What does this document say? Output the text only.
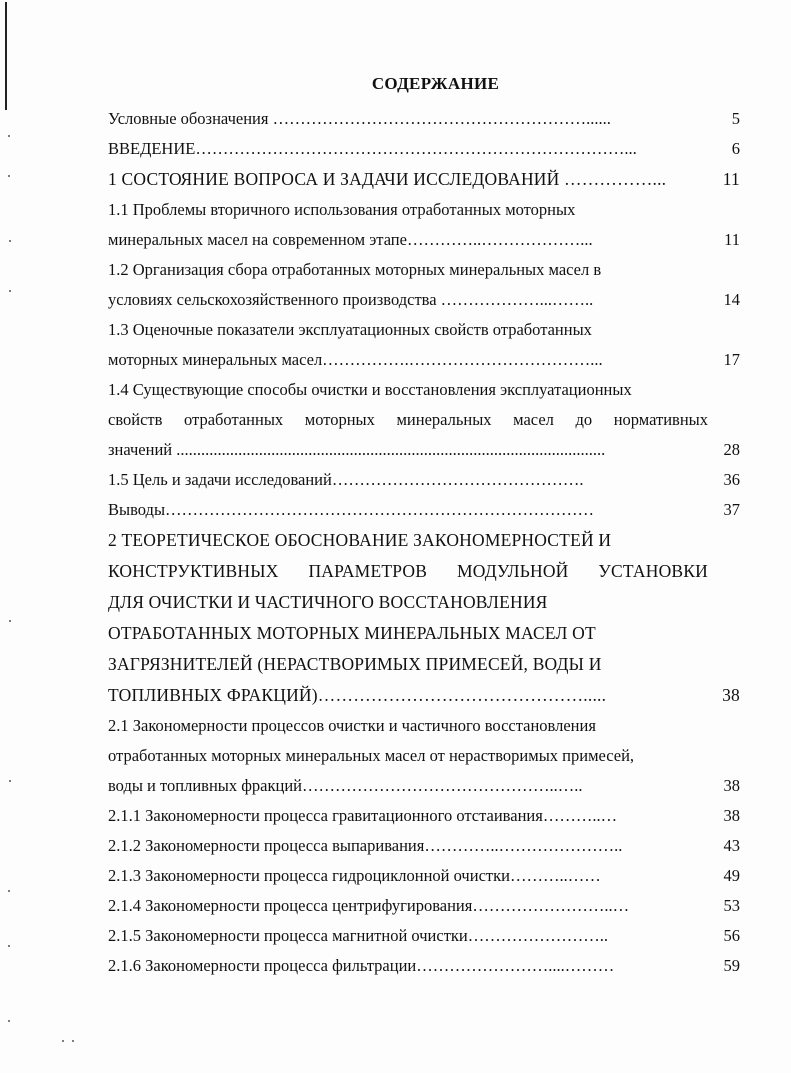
СОДЕРЖАНИЕ
Условные обозначения …………………………………………………......	5
ВВЕДЕНИЕ……………………………………………………………………...	6
1 СОСТОЯНИЕ ВОПРОСА И ЗАДАЧИ ИССЛЕДОВАНИЙ ……………...	11
1.1 Проблемы вторичного использования отработанных моторных
минеральных масел на современном этапе…………..………………...	11
1.2 Организация сбора отработанных моторных минеральных масел в
условиях сельскохозяйственного производства ………………...……..	14
1.3 Оценочные показатели эксплуатационных свойств отработанных
моторных минеральных масел…………….……………………………...	17
1.4 Существующие способы очистки и восстановления эксплуатационных
свойств отработанных моторных минеральных масел до нормативных
значений ........................................................................................................	28
1.5 Цель и задачи исследований……………………………………….	36
Выводы……………………………………………………………………	37
2 ТЕОРЕТИЧЕСКОЕ ОБОСНОВАНИЕ ЗАКОНОМЕРНОСТЕЙ И
КОНСТРУКТИВНЫХ ПАРАМЕТРОВ МОДУЛЬНОЙ УСТАНОВКИ
ДЛЯ ОЧИСТКИ И ЧАСТИЧНОГО ВОССТАНОВЛЕНИЯ
ОТРАБОТАННЫХ МОТОРНЫХ МИНЕРАЛЬНЫХ МАСЕЛ ОТ
ЗАГРЯЗНИТЕЛЕЙ (НЕРАСТВОРИМЫХ ПРИМЕСЕЙ, ВОДЫ И
ТОПЛИВНЫХ ФРАКЦИЙ)……………………………………….....	38
2.1 Закономерности процессов очистки и частичного восстановления
отработанных моторных минеральных масел от нерастворимых примесей,
воды и топливных фракций………………………………………..…..	38
2.1.1 Закономерности процесса гравитационного отстаивания………..…	38
2.1.2 Закономерности процесса выпаривания…………..…………………..	43
2.1.3 Закономерности процесса гидроциклонной очистки………..……	49
2.1.4 Закономерности процесса центрифугирования……………………..…	53
2.1.5 Закономерности процесса магнитной очистки……………………..	56
2.1.6 Закономерности процесса фильтрации……………………....………	59
